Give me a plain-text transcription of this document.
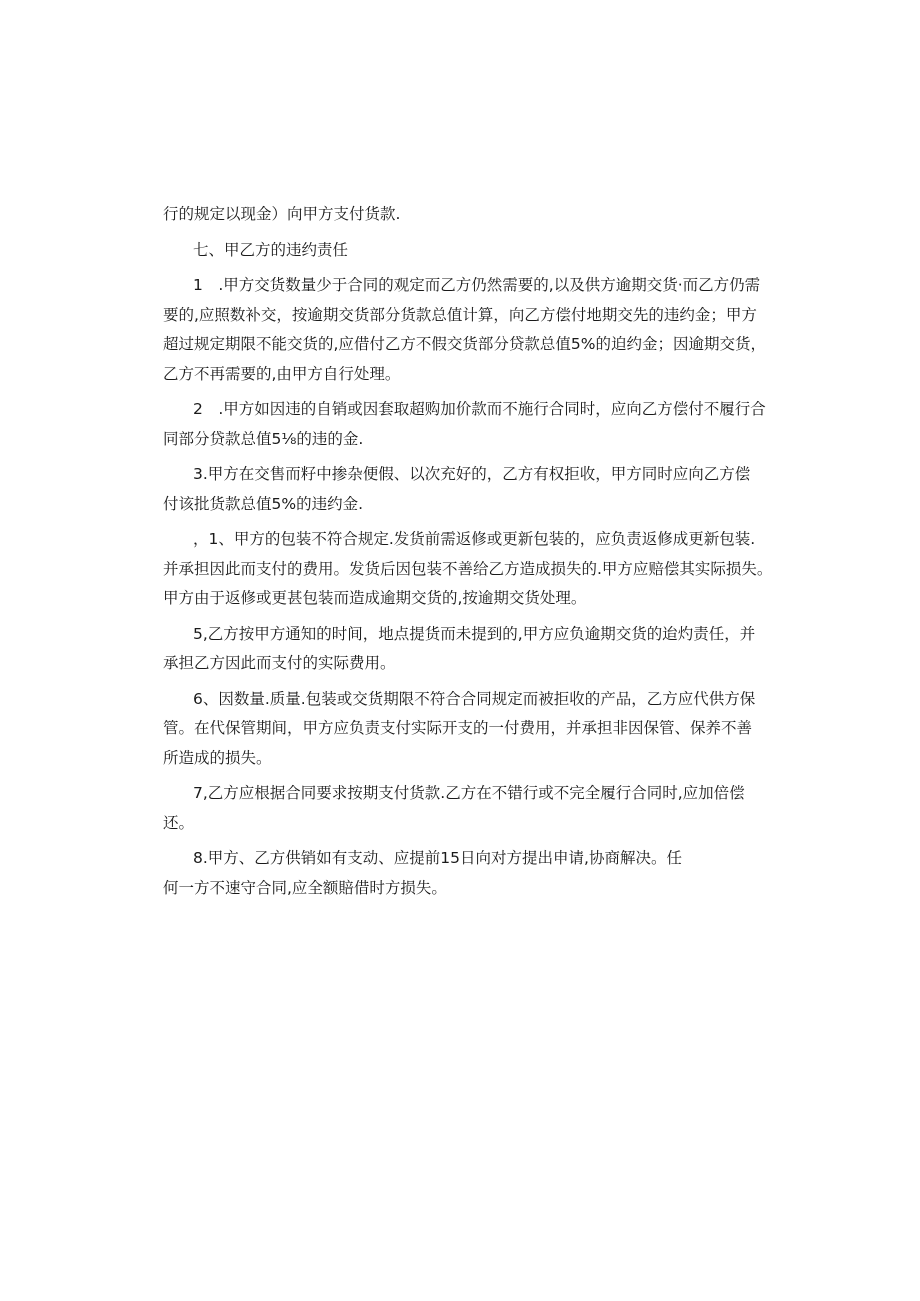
行的规定以现金）向甲方支付货款.
七、甲乙方的违约责任
1　.甲方交货数量少于合同的观定而乙方仍然需要的,以及供方逾期交货·而乙方仍需
要的,应照数补交，按逾期交货部分货款总值计算，向乙方偿付地期交先的违约金；甲方
超过规定期限不能交货的,应借付乙方不假交货部分贷款总值5%的迫约金；因逾期交货，
乙方不再需要的,由甲方自行处理。
2　.甲方如因违的自销或因套取超购加价款而不施行合同时，应向乙方偿付不履行合
同部分贷款总值5⅛的违的金.
3.甲方在交售而籽中掺杂便假、以次充好的，乙方有权拒收，甲方同时应向乙方偿
付该批货款总值5%的违约金.
，1、甲方的包装不符合规定.发货前需返修或更新包装的，应负责返修成更新包装.
并承担因此而支付的费用。发货后因包装不善给乙方造成损失的.甲方应赔偿其实际损失。
甲方由于返修或更甚包装而造成逾期交货的,按逾期交货处理。
5,乙方按甲方通知的时间，地点提货而未提到的,甲方应负逾期交货的迨灼责任，并
承担乙方因此而支付的实际费用。
6、因数量.质量.包装或交货期限不符合合同规定而被拒收的产品，乙方应代供方保
管。在代保管期间，甲方应负责支付实际开支的一付费用，并承担非因保管、保养不善
所造成的损失。
7,乙方应根据合同要求按期支付货款.乙方在不错行或不完全履行合同时,应加倍偿
还。
8.甲方、乙方供销如有支动、应提前15日向对方提出申请,协商解决。任
何一方不速守合同,应全额賠借时方损失。
